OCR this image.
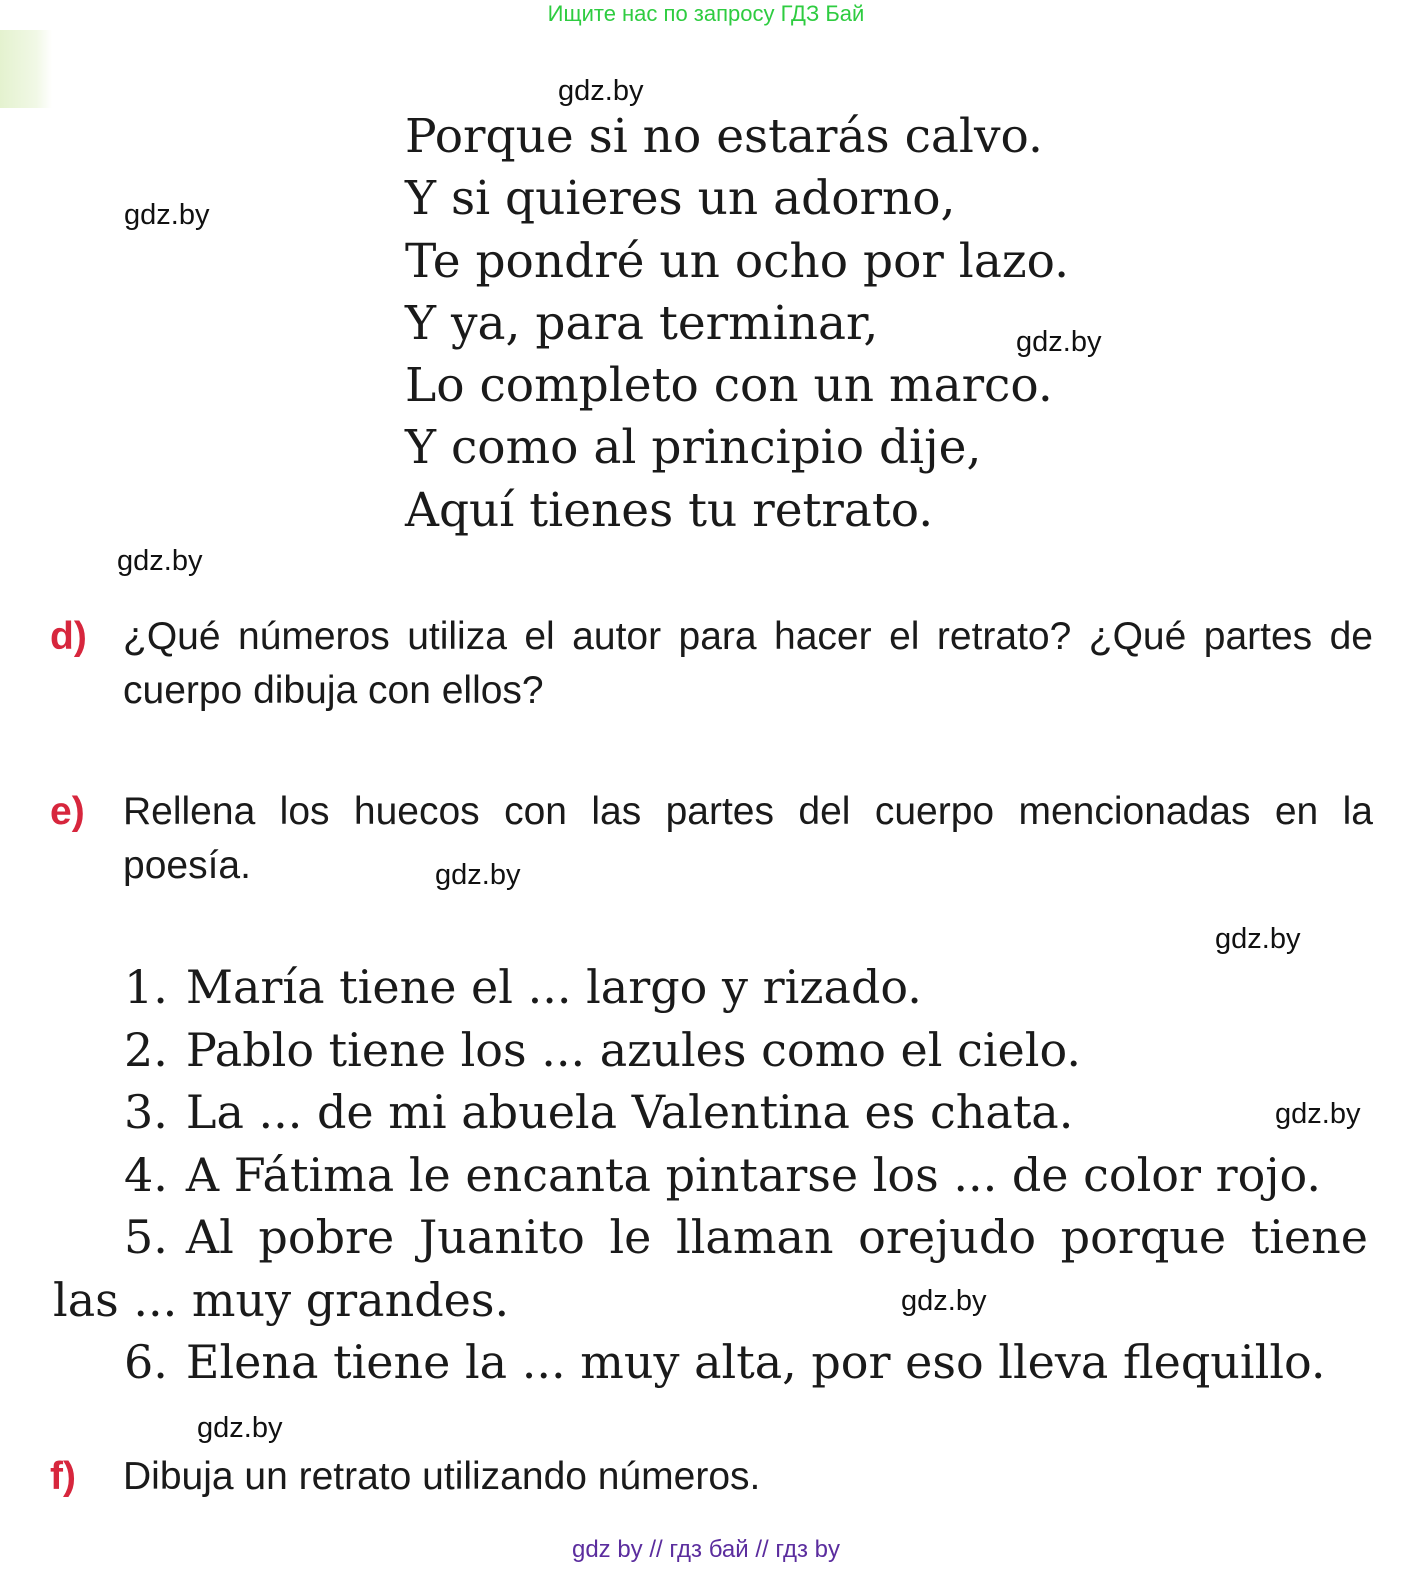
Ищите нас по запросу ГДЗ Бай
gdz.by
gdz.by
gdz.by
gdz.by
gdz.by
gdz.by
gdz.by
gdz.by
gdz.by
Porque si no estarás calvo.
Y si quieres un adorno,
Te pondré un ocho por lazo.
Y ya, para terminar,
Lo completo con un marco.
Y como al principio dije,
Aquí tienes tu retrato.
d) ¿Qué números utiliza el autor para hacer el retrato? ¿Qué partes de cuerpo dibuja con ellos?
e) Rellena los huecos con las partes del cuerpo mencionadas en la poesía.
1. María tiene el ... largo y rizado.
2. Pablo tiene los ... azules como el cielo.
3. La ... de mi abuela Valentina es chata.
4. A Fátima le encanta pintarse los ... de color rojo.
5. Al pobre Juanito le llaman orejudo porque tiene las ... muy grandes.
6. Elena tiene la ... muy alta, por eso lleva flequillo.
f)	Dibuja un retrato utilizando números.
gdz by // гдз бай // гдз by
